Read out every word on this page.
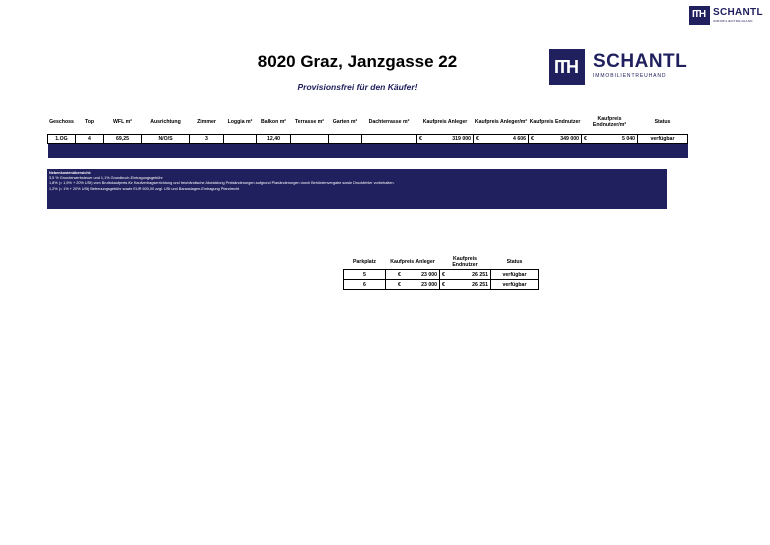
ITH SCHANTL
IMMOBILIENTREUHAND
ITH SCHANTL
IMMOBILIENTREUHAND
8020 Graz, Janzgasse 22
Provisionsfrei für den Käufer!
Geschoss	Top	WFL m²	Ausrichtung	Zimmer	Loggia m²	Balkon m²	Terrasse m²	Garten m²	Dachterrasse m²	Kaufpreis Anleger	Kaufpreis Anleger/m²	Kaufpreis Endnutzer	Kaufpreis Endnutzer/m²	Status
1.OG	4	69,25	N/O/S	3		12,40				€ 319 000	€ 4 606	€ 349 000	€ 5 040	verfügbar

Nebenkostenübersicht:
3,5 % Grunderwerbsteuer und 1,1% Grundbuch-Eintragungsgebühr
1,8% (= 1,5% + 20% USt) vom Bruttokaufpreis für Kaufvertragserrichtung und treuhändische Abwicklung Preisänderungen aufgrund Planänderungen durch Behördenvergabe sowie Druckfehler vorbehalten.
1,2% (= 1% + 20% USt) Betreuungsgebühr sowie EUR 600,00 zzgl. USt und Barauslagen-Eintragung Pfandrecht
Parkplatz	Kaufpreis Anleger	Kaufpreis Endnutzer	Status
5	€ 23 000	€ 26 251	verfügbar
6	€ 23 000	€ 26 251	verfügbar
